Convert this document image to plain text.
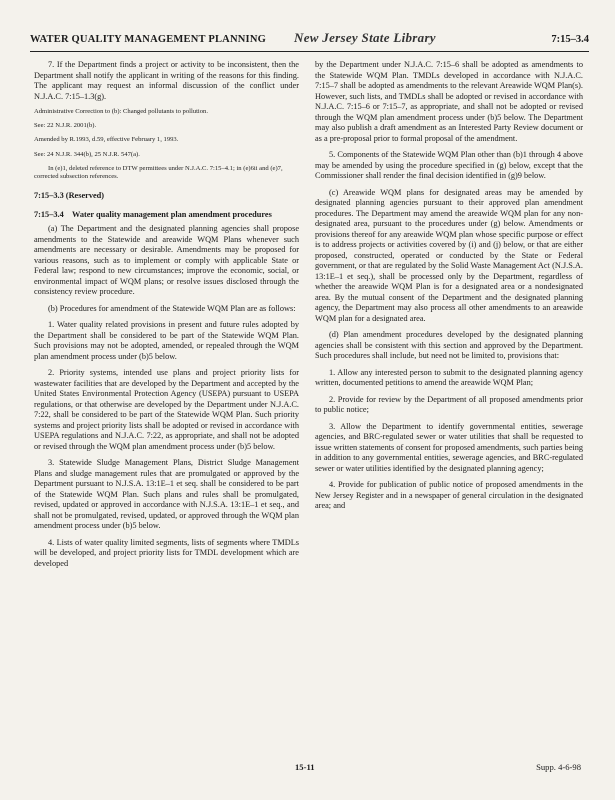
WATER QUALITY MANAGEMENT PLANNING New Jersey State Library	7:15–3.4

7. If the Department finds a project or activity to be inconsistent, then the Department shall notify the applicant in writing of the reasons for this finding. The applicant may request an informal discussion of the conflict under N.J.A.C. 7:15–1.3(g).

Administrative Correction to (b): Changed pollutants to pollution.

See: 22 N.J.R. 2001(b).

Amended by R.1993, d.59, effective February 1, 1993.

See: 24 N.J.R. 344(b), 25 N.J.R. 547(a).

In (e)1, deleted reference to DTW permittees under N.J.A.C. 7:15–4.1; in (e)6ii and (e)7, corrected subsection references.

7:15–3.3 (Reserved)
7:15–3.4 Water quality management plan amendment procedures

(a) The Department and the designated planning agencies shall propose amendments to the Statewide and areawide WQM Plans whenever such amendments are necessary or desirable. Amendments may be proposed for various reasons, such as to implement or comply with applicable State or Federal law; respond to new circumstances; improve the economic, social, or environmental impact of WQM plans; or resolve issues disclosed through the consistency review procedure.

(b) Procedures for amendment of the Statewide WQM Plan are as follows:

1. Water quality related provisions in present and future rules adopted by the Department shall be considered to be part of the Statewide WQM Plan. Such provisions may not be adopted, amended, or repealed through the WQM plan amendment process under (b)5 below.

2. Priority systems, intended use plans and project priority lists for wastewater facilities that are developed by the Department and accepted by the United States Environmental Protection Agency (USEPA) pursuant to USEPA regulations, or that otherwise are developed by the Department under N.J.A.C. 7:22, shall be considered to be part of the Statewide WQM Plan. Such priority systems and project priority lists shall be adopted or revised in accordance with USEPA regulations and N.J.A.C. 7:22, as appropriate, and shall not be adopted or revised through the WQM plan amendment process under (b)5 below.

3. Statewide Sludge Management Plans, District Sludge Management Plans and sludge management rules that are promulgated or approved by the Department pursuant to N.J.S.A. 13:1E–1 et seq. shall be considered to be part of the Statewide WQM Plan. Such plans and rules shall be promulgated, revised, updated or approved in accordance with N.J.S.A. 13:1E–1 et seq., and shall not be promulgated, revised, updated, or approved through the WQM plan amendment process under (b)5 below.

4. Lists of water quality limited segments, lists of segments where TMDLs will be developed, and project priority lists for TMDL development which are developed

by the Department under N.J.A.C. 7:15–6 shall be adopted as amendments to the Statewide WQM Plan. TMDLs developed in accordance with N.J.A.C. 7:15–7 shall be adopted as amendments to the relevant Areawide WQM Plan(s). However, such lists, and TMDLs shall be adopted or revised in accordance with N.J.A.C. 7:15–6 or 7:15–7, as appropriate, and shall not be adopted or revised through the WQM plan amendment process under (b)5 below. The Department may also publish a draft amendment as an Interested Party Review document or as a pre-proposal prior to formal proposal of the amendment.

5. Components of the Statewide WQM Plan other than (b)1 through 4 above may be amended by using the procedure specified in (g) below, except that the Commissioner shall render the final decision identified in (g)9 below.

(c) Areawide WQM plans for designated areas may be amended by designated planning agencies pursuant to their approved plan amendment procedures. The Department may amend the areawide WQM plan for any non-designated area, pursuant to the procedures under (g) below. Amendments or provisions thereof for any areawide WQM plan whose specific purpose or effect is to address projects or activities covered by (i) and (j) below, or that are either proposed, constructed, operated or conducted by the State or Federal government, or that are regulated by the Solid Waste Management Act (N.J.S.A. 13:1E–1 et seq.), shall be processed only by the Department, regardless of whether the areawide WQM Plan is for a designated area or a nondesignated area. By the mutual consent of the Department and the designated planning agency, the Department may also process all other amendments to an areawide WQM plan for a designated area.

(d) Plan amendment procedures developed by the designated planning agencies shall be consistent with this section and approved by the Department. Such procedures shall include, but need not be limited to, provisions that:

1. Allow any interested person to submit to the designated planning agency written, documented petitions to amend the areawide WQM Plan;

2. Provide for review by the Department of all proposed amendments prior to public notice;

3. Allow the Department to identify governmental entities, sewerage agencies, and BRC-regulated sewer or water utilities that shall be requested to issue written statements of consent for proposed amendments, such parties being in addition to any governmental entities, sewerage agencies, and BRC-regulated sewer or water utilities identified by the designated planning agency;

4. Provide for publication of public notice of proposed amendments in the New Jersey Register and in a newspaper of general circulation in the designated area; and

15-11	Supp. 4-6-98
